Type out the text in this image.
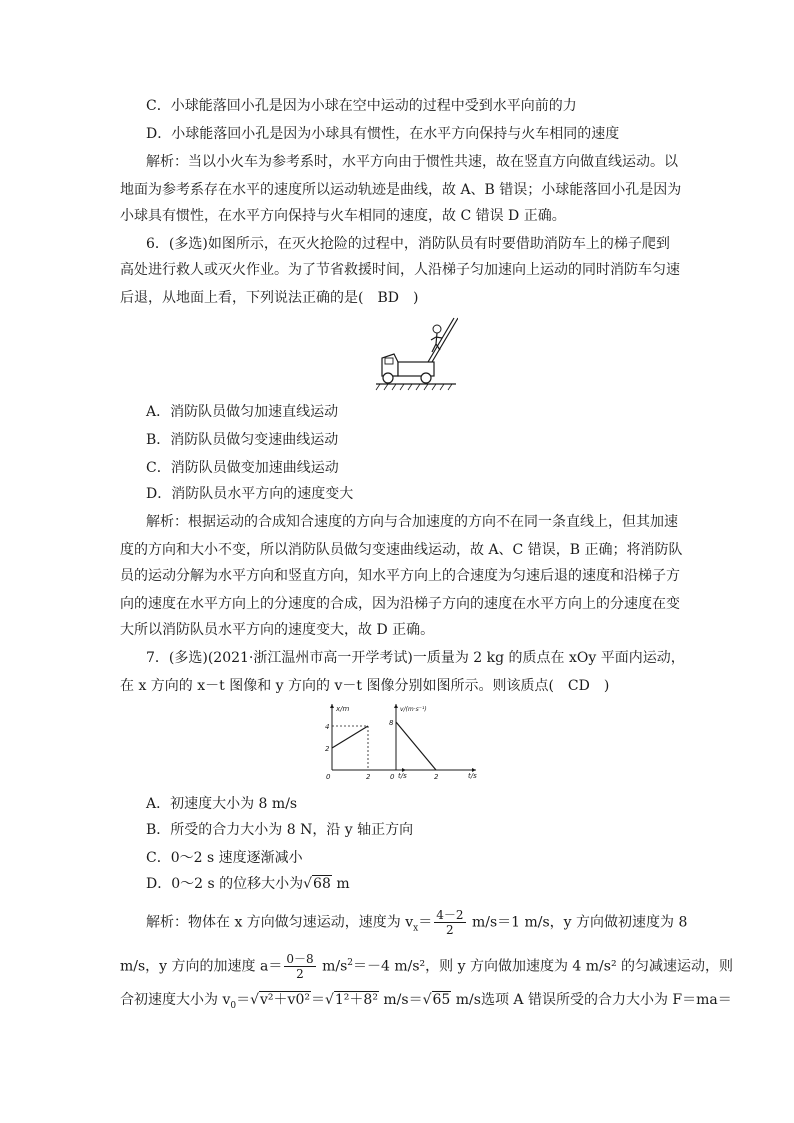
C．小球能落回小孔是因为小球在空中运动的过程中受到水平向前的力
D．小球能落回小孔是因为小球具有惯性，在水平方向保持与火车相同的速度
解析：当以小火车为参考系时，水平方向由于惯性共速，故在竖直方向做直线运动。以
地面为参考系存在水平的速度所以运动轨迹是曲线，故 A、B 错误；小球能落回小孔是因为
小球具有惯性，在水平方向保持与火车相同的速度，故 C 错误 D 正确。
6．(多选)如图所示，在灭火抢险的过程中，消防队员有时要借助消防车上的梯子爬到
高处进行救人或灭火作业。为了节省救援时间，人沿梯子匀加速向上运动的同时消防车匀速
后退，从地面上看，下列说法正确的是(　BD　)
A．消防队员做匀加速直线运动
B．消防队员做匀变速曲线运动
C．消防队员做变加速曲线运动
D．消防队员水平方向的速度变大
解析：根据运动的合成知合速度的方向与合加速度的方向不在同一条直线上，但其加速
度的方向和大小不变，所以消防队员做匀变速曲线运动，故 A、C 错误，B 正确；将消防队
员的运动分解为水平方向和竖直方向，知水平方向上的合速度为匀速后退的速度和沿梯子方
向的速度在水平方向上的分速度的合成，因为沿梯子方向的速度在水平方向上的分速度在变
大所以消防队员水平方向的速度变大，故 D 正确。
7．(多选)(2021·浙江温州市高一开学考试)一质量为 2 kg 的质点在 xOy 平面内运动，
在 x 方向的 x－t 图像和 y 方向的 v－t 图像分别如图所示。则该质点(　CD　)
x/m
t/s
0
2
4
2
v/(m·s⁻¹)
t/s
0
8
2
A．初速度大小为 8 m/s
B．所受的合力大小为 8 N，沿 y 轴正方向
C．0～2 s 速度逐渐减小
D．0～2 s 的位移大小为√68 m
解析：物体在 x 方向做匀速运动，速度为 $v_x= \frac{4-2}{2} m/s=1$ m/s，y 方向做初速度为 8
m/s，y 方向的加速度 $a= \frac{0-8}{2} m/s^2=-4$ m/s²，则 y 方向做加速度为 4 m/s² 的匀减速运动，则
合初速度大小为 $v_0=√v^2+v0^2=√1^2+8^2$ m/s＝√65 m/s选项 A 错误所受的合力大小为 F＝ma＝
